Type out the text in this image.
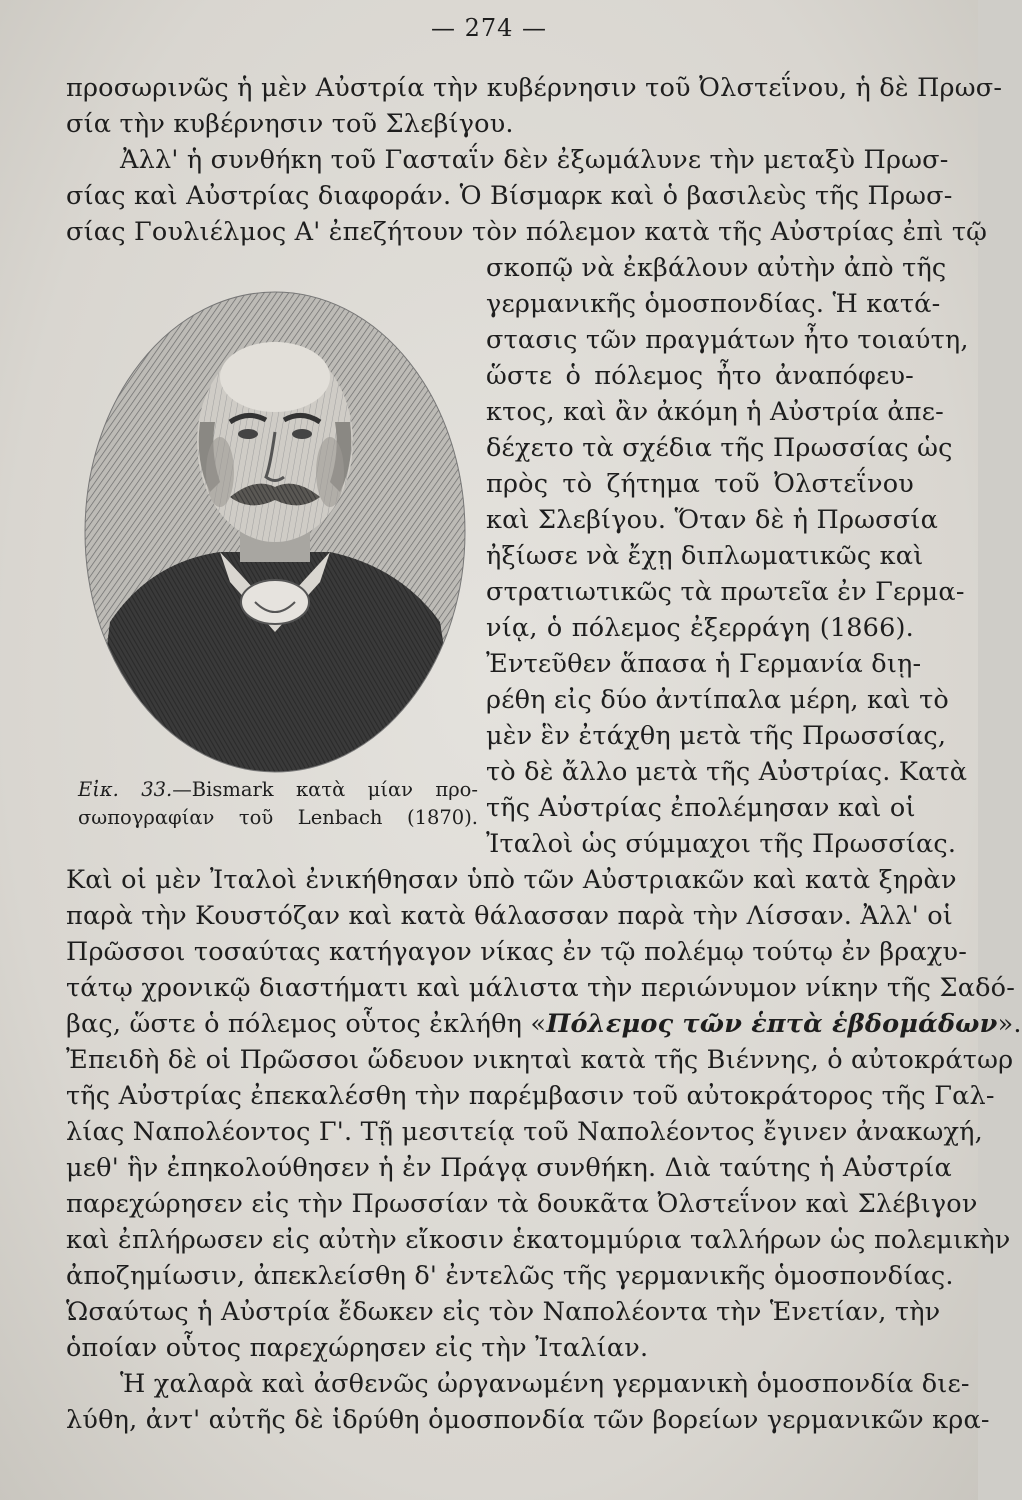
— 274 —
προσωρινῶς ἡ μὲν Αὐστρία τὴν κυβέρνησιν τοῦ Ὀλστεΐνου, ἡ δὲ Πρωσ-
σία τὴν κυβέρνησιν τοῦ Σλεβίγου.
Ἀλλ' ἡ συνθήκη τοῦ Γασταΐν δὲν ἐξωμάλυνε τὴν μεταξὺ Πρωσ-
σίας καὶ Αὐστρίας διαφοράν. Ὁ Βίσμαρκ καὶ ὁ βασιλεὺς τῆς Πρωσ-
σίας Γουλιέλμος Α' ἐπεζήτουν τὸν πόλεμον κατὰ τῆς Αὐστρίας ἐπὶ τῷ
σκοπῷ νὰ ἐκβάλουν αὐτὴν ἀπὸ τῆς
γερμανικῆς ὁμοσπονδίας. Ἡ κατά-
στασις τῶν πραγμάτων ἦτο τοιαύτη,
ὥστε ὁ πόλεμος ἦτο ἀναπόφευ-
κτος, καὶ ἂν ἀκόμη ἡ Αὐστρία ἀπε-
δέχετο τὰ σχέδια τῆς Πρωσσίας ὡς
πρὸς τὸ ζήτημα τοῦ Ὀλστεΐνου
καὶ Σλεβίγου. Ὅταν δὲ ἡ Πρωσσία
ἠξίωσε νὰ ἔχῃ διπλωματικῶς καὶ
στρατιωτικῶς τὰ πρωτεῖα ἐν Γερμα-
νίᾳ, ὁ πόλεμος ἐξερράγη (1866).
Ἐντεῦθεν ἅπασα ἡ Γερμανία διῃ-
ρέθη εἰς δύο ἀντίπαλα μέρη, καὶ τὸ
μὲν ἓν ἐτάχθη μετὰ τῆς Πρωσσίας,
τὸ δὲ ἄλλο μετὰ τῆς Αὐστρίας. Κατὰ
τῆς Αὐστρίας ἐπολέμησαν καὶ οἱ
Ἰταλοὶ ὡς σύμμαχοι τῆς Πρωσσίας.
Εἰκ. 33.—Bismark κατὰ μίαν προ-
σωπογραφίαν τοῦ Lenbach (1870).
Καὶ οἱ μὲν Ἰταλοὶ ἐνικήθησαν ὑπὸ τῶν Αὐστριακῶν καὶ κατὰ ξηρὰν
παρὰ τὴν Κουστόζαν καὶ κατὰ θάλασσαν παρὰ τὴν Λίσσαν. Ἀλλ' οἱ
Πρῶσσοι τοσαύτας κατήγαγον νίκας ἐν τῷ πολέμῳ τούτῳ ἐν βραχυ-
τάτῳ χρονικῷ διαστήματι καὶ μάλιστα τὴν περιώνυμον νίκην τῆς Σαδό-
βας, ὥστε ὁ πόλεμος οὗτος ἐκλήθη «Πόλεμος τῶν ἑπτὰ ἑβδομάδων».
Ἐπειδὴ δὲ οἱ Πρῶσσοι ὥδευον νικηταὶ κατὰ τῆς Βιέννης, ὁ αὐτοκράτωρ
τῆς Αὐστρίας ἐπεκαλέσθη τὴν παρέμβασιν τοῦ αὐτοκράτορος τῆς Γαλ-
λίας Ναπολέοντος Γ'. Τῇ μεσιτείᾳ τοῦ Ναπολέοντος ἔγινεν ἀνακωχή,
μεθ' ἣν ἐπηκολούθησεν ἡ ἐν Πράγᾳ συνθήκη. Διὰ ταύτης ἡ Αὐστρία
παρεχώρησεν εἰς τὴν Πρωσσίαν τὰ δουκᾶτα Ὀλστεΐνον καὶ Σλέβιγον
καὶ ἐπλήρωσεν εἰς αὐτὴν εἴκοσιν ἑκατομμύρια ταλλήρων ὡς πολεμικὴν
ἀποζημίωσιν, ἀπεκλείσθη δ' ἐντελῶς τῆς γερμανικῆς ὁμοσπονδίας.
Ὡσαύτως ἡ Αὐστρία ἔδωκεν εἰς τὸν Ναπολέοντα τὴν Ἑνετίαν, τὴν
ὁποίαν οὗτος παρεχώρησεν εἰς τὴν Ἰταλίαν.
Ἡ χαλαρὰ καὶ ἀσθενῶς ὠργανωμένη γερμανικὴ ὁμοσπονδία διε-
λύθη, ἀντ' αὐτῆς δὲ ἱδρύθη ὁμοσπονδία τῶν βορείων γερμανικῶν κρα-
